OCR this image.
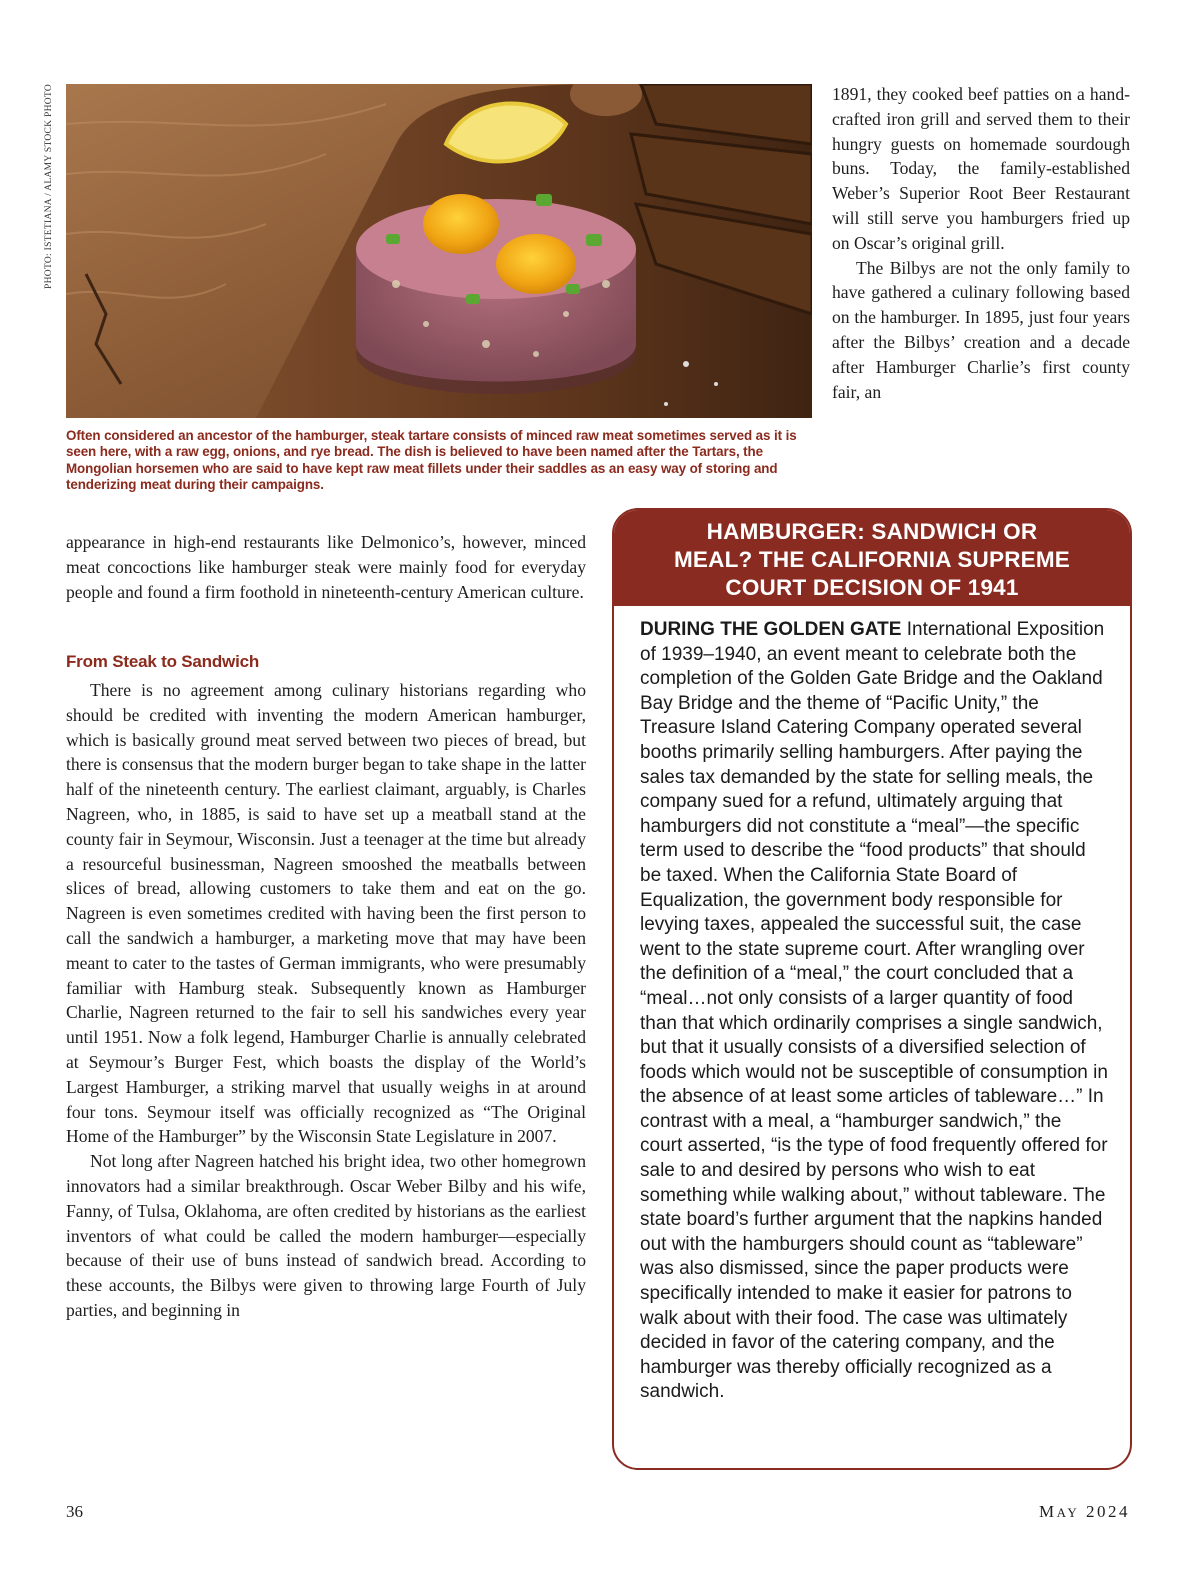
PHOTO: ISTETIANA / ALAMY STOCK PHOTO
Often considered an ancestor of the hamburger, steak tartare consists of minced raw meat sometimes served as it is seen here, with a raw egg, onions, and rye bread. The dish is believed to have been named after the Tartars, the Mongolian horsemen who are said to have kept raw meat fillets under their saddles as an easy way of storing and tenderizing meat during their campaigns.

1891, they cooked beef patties on a hand-crafted iron grill and served them to their hungry guests on homemade sourdough buns. Today, the family-established Weber’s Superior Root Beer Restaurant will still serve you hamburgers fried up on Oscar’s original grill.

The Bilbys are not the only family to have gathered a culinary following based on the hamburger. In 1895, just four years after the Bilbys’ creation and a decade after Hamburger Charlie’s first county fair, an

appearance in high-end restaurants like Delmonico’s, however, minced meat concoctions like hamburger steak were mainly food for everyday people and found a firm foothold in nineteenth-century American culture.

From Steak to Sandwich

There is no agreement among culinary historians regarding who should be credited with inventing the modern American hamburger, which is basically ground meat served between two pieces of bread, but there is consensus that the modern burger began to take shape in the latter half of the nineteenth century. The earliest claimant, arguably, is Charles Nagreen, who, in 1885, is said to have set up a meatball stand at the county fair in Seymour, Wisconsin. Just a teenager at the time but already a resourceful businessman, Nagreen smooshed the meatballs between slices of bread, allowing customers to take them and eat on the go. Nagreen is even sometimes credited with having been the first person to call the sandwich a hamburger, a marketing move that may have been meant to cater to the tastes of German immigrants, who were presumably familiar with Hamburg steak. Subsequently known as Hamburger Charlie, Nagreen returned to the fair to sell his sandwiches every year until 1951. Now a folk legend, Hamburger Charlie is annually celebrated at Seymour’s Burger Fest, which boasts the display of the World’s Largest Hamburger, a striking marvel that usually weighs in at around four tons. Seymour itself was officially recognized as “The Original Home of the Hamburger” by the Wisconsin State Legislature in 2007.

Not long after Nagreen hatched his bright idea, two other homegrown innovators had a similar breakthrough. Oscar Weber Bilby and his wife, Fanny, of Tulsa, Oklahoma, are often credited by historians as the earliest inventors of what could be called the modern hamburger—especially because of their use of buns instead of sandwich bread. According to these accounts, the Bilbys were given to throwing large Fourth of July parties, and beginning in

HAMBURGER: SANDWICH OR
MEAL? THE CALIFORNIA SUPREME
COURT DECISION OF 1941
DURING THE GOLDEN GATE International Exposition of 1939–1940, an event meant to celebrate both the completion of the Golden Gate Bridge and the Oakland Bay Bridge and the theme of “Pacific Unity,” the Treasure Island Catering Company operated several booths primarily selling hamburgers. After paying the sales tax demanded by the state for selling meals, the company sued for a refund, ultimately arguing that hamburgers did not constitute a “meal”—the specific term used to describe the “food products” that should be taxed. When the California State Board of Equalization, the government body responsible for levying taxes, appealed the successful suit, the case went to the state supreme court. After wrangling over the definition of a “meal,” the court concluded that a “meal…not only consists of a larger quantity of food than that which ordinarily comprises a single sandwich, but that it usually consists of a diversified selection of foods which would not be susceptible of consumption in the absence of at least some articles of tableware…” In contrast with a meal, a “hamburger sandwich,” the court asserted, “is the type of food frequently offered for sale to and desired by persons who wish to eat something while walking about,” without tableware. The state board’s further argument that the napkins handed out with the hamburgers should count as “tableware” was also dismissed, since the paper products were specifically intended to make it easier for patrons to walk about with their food. The case was ultimately decided in favor of the catering company, and the hamburger was thereby officially recognized as a sandwich.
36	MAY 2024
